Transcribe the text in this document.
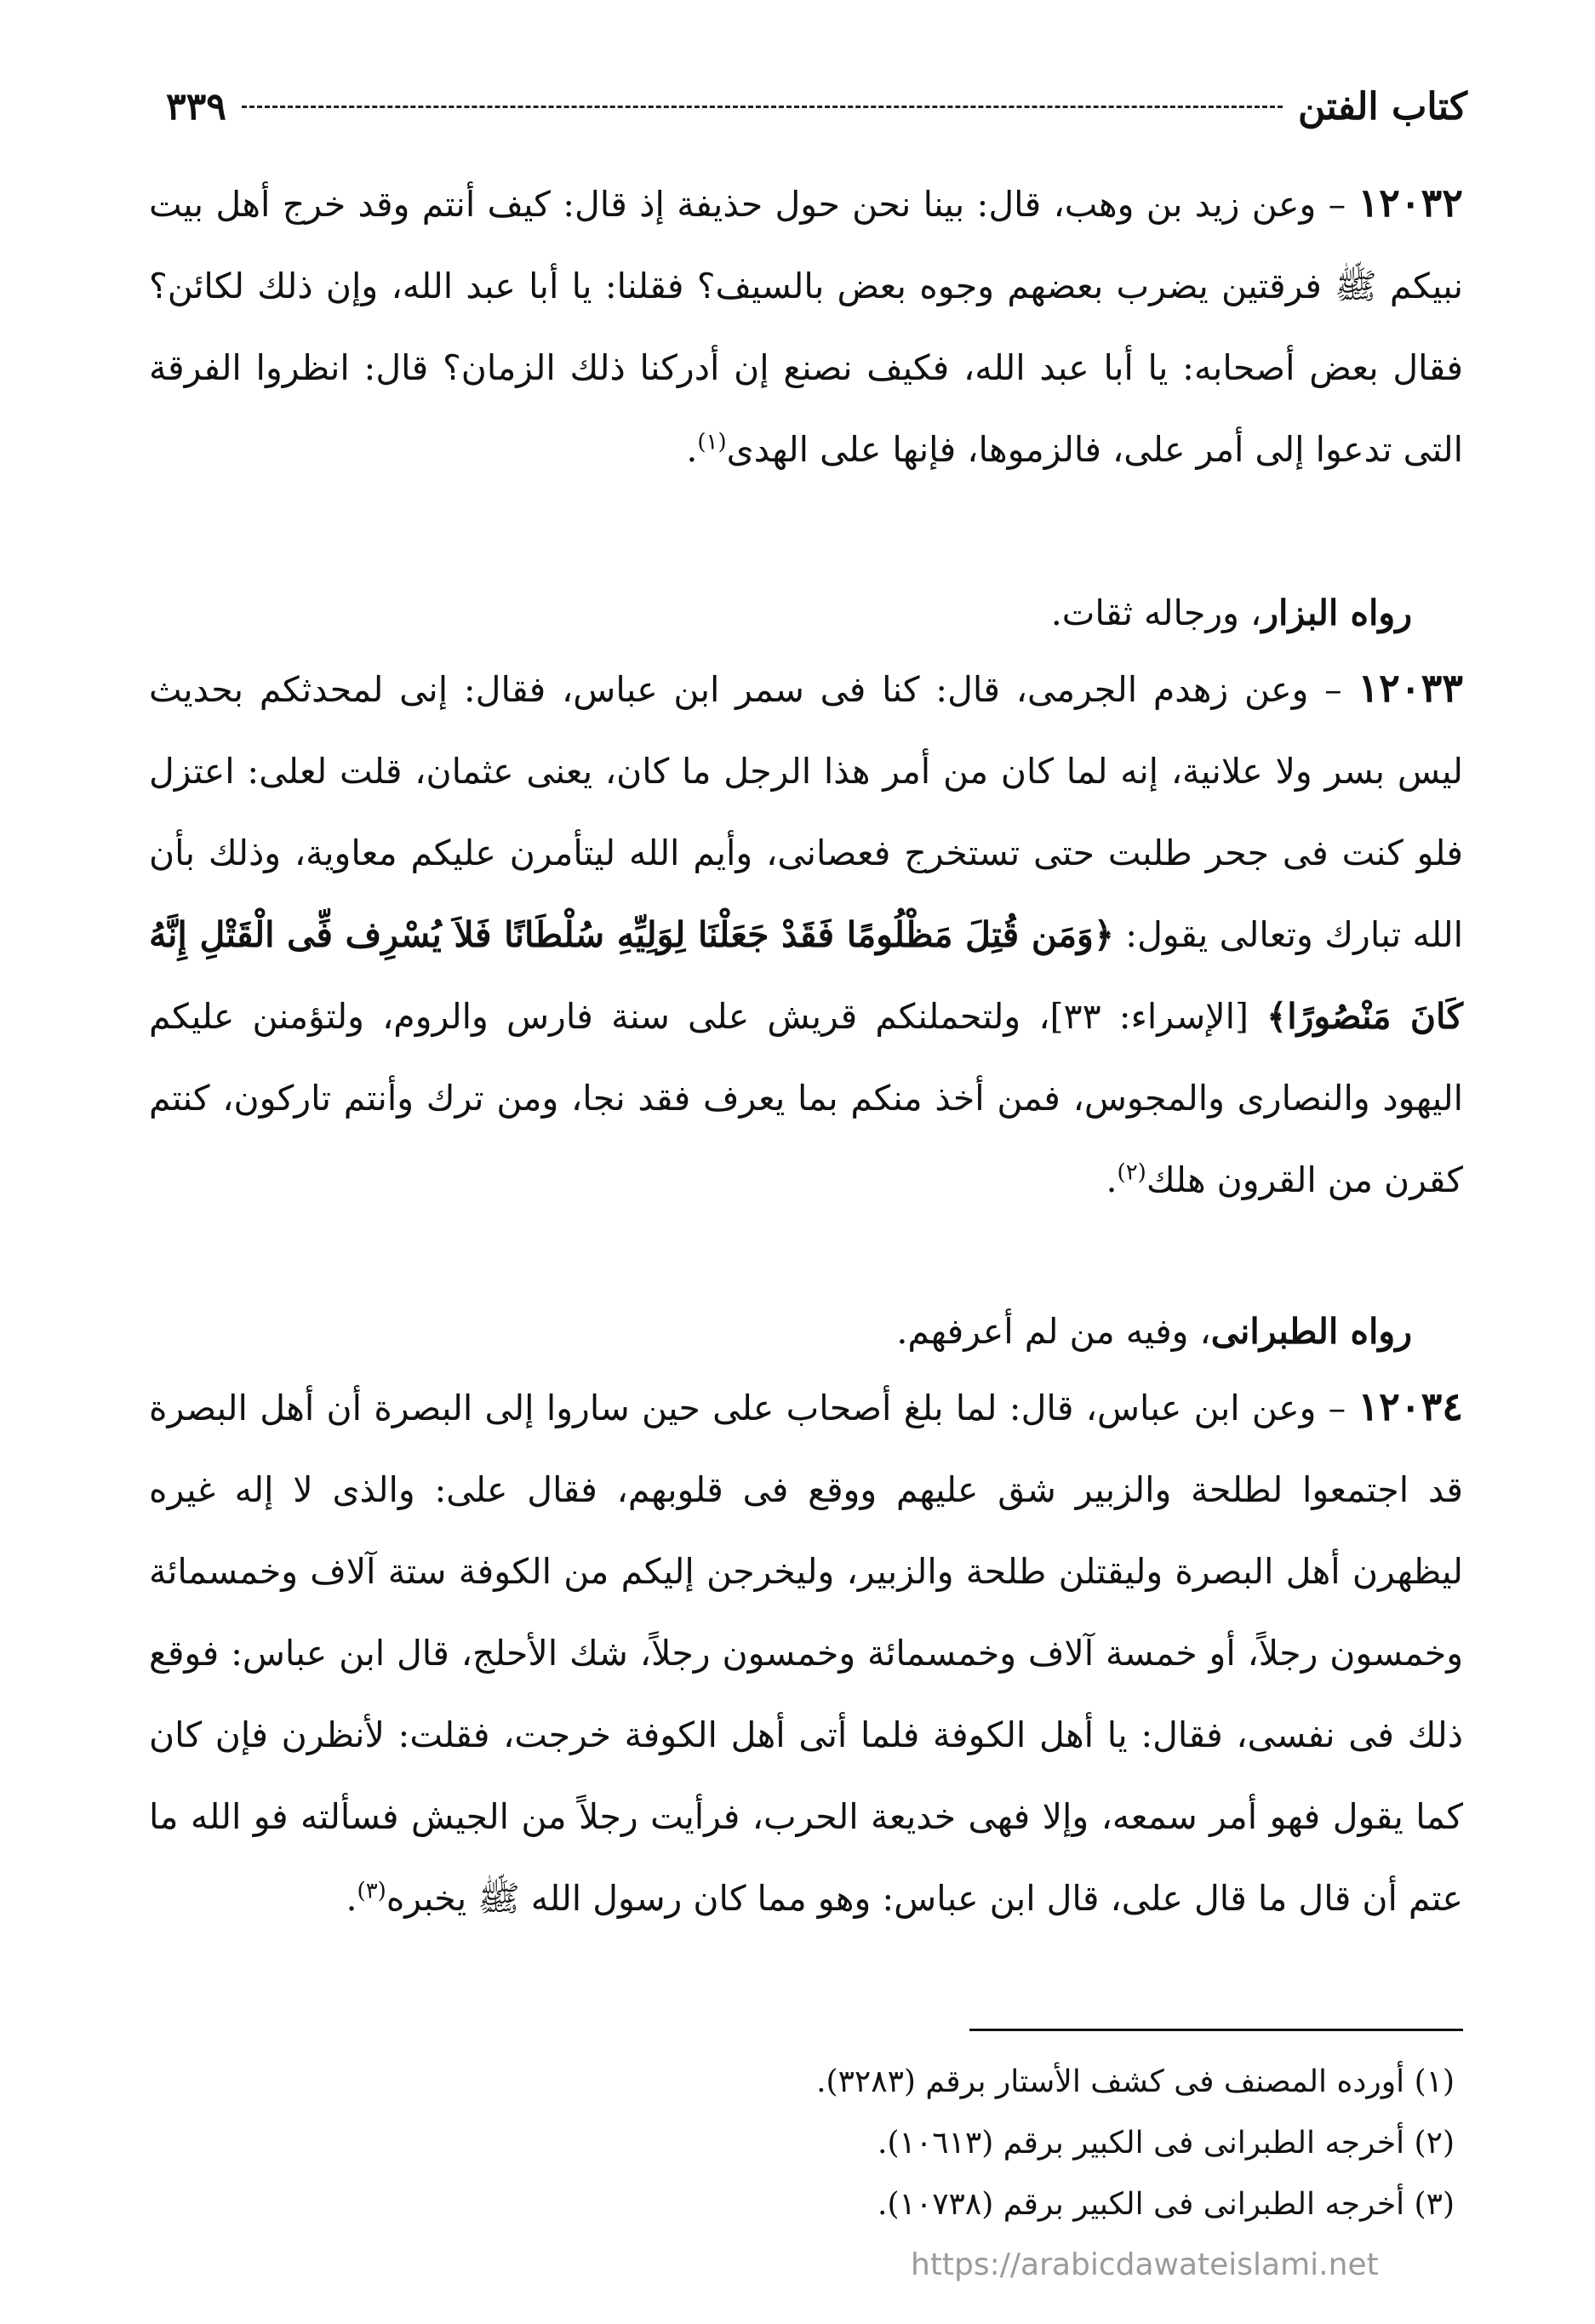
كتاب الفتن
٣٣٩

١٢٠٣٢ – وعن زيد بن وهب، قال: بينا نحن حول حذيفة إذ قال: كيف أنتم وقد خرج أهل بيت نبيكم ﷺ فرقتين يضرب بعضهم وجوه بعض بالسيف؟ فقلنا: يا أبا عبد الله، وإن ذلك لكائن؟ فقال بعض أصحابه: يا أبا عبد الله، فكيف نصنع إن أدركنا ذلك الزمان؟ قال: انظروا الفرقة التى تدعوا إلى أمر على، فالزموها، فإنها على الهدى$^{(١)}$.

رواه البزار، ورجاله ثقات.

١٢٠٣٣ – وعن زهدم الجرمى، قال: كنا فى سمر ابن عباس، فقال: إنى لمحدثكم بحديث ليس بسر ولا علانية، إنه لما كان من أمر هذا الرجل ما كان، يعنى عثمان، قلت لعلى: اعتزل فلو كنت فى جحر طلبت حتى تستخرج فعصانى، وأيم الله ليتأمرن عليكم معاوية، وذلك بأن الله تبارك وتعالى يقول: ﴿وَمَن قُتِلَ مَظْلُومًا فَقَدْ جَعَلْنَا لِوَلِيِّهِ سُلْطَانًا فَلاَ يُسْرِف فِّى الْقَتْلِ إِنَّهُ كَانَ مَنْصُورًا﴾ [الإسراء: ٣٣]، ولتحملنكم قريش على سنة فارس والروم، ولتؤمنن عليكم اليهود والنصارى والمجوس، فمن أخذ منكم بما يعرف فقد نجا، ومن ترك وأنتم تاركون، كنتم كقرن من القرون هلك$^{(٢)}$.

رواه الطبرانى، وفيه من لم أعرفهم.

١٢٠٣٤ – وعن ابن عباس، قال: لما بلغ أصحاب على حين ساروا إلى البصرة أن أهل البصرة قد اجتمعوا لطلحة والزبير شق عليهم ووقع فى قلوبهم، فقال على: والذى لا إله غيره ليظهرن أهل البصرة وليقتلن طلحة والزبير، وليخرجن إليكم من الكوفة ستة آلاف وخمسمائة وخمسون رجلاً، أو خمسة آلاف وخمسمائة وخمسون رجلاً، شك الأحلج، قال ابن عباس: فوقع ذلك فى نفسى، فقال: يا أهل الكوفة فلما أتى أهل الكوفة خرجت، فقلت: لأنظرن فإن كان كما يقول فهو أمر سمعه، وإلا فهى خديعة الحرب، فرأيت رجلاً من الجيش فسألته فو الله ما عتم أن قال ما قال على، قال ابن عباس: وهو مما كان رسول الله ﷺ يخبره$^{(٣)}$.

(١) أورده المصنف فى كشف الأستار برقم (٣٢٨٣).

(٢) أخرجه الطبرانى فى الكبير برقم (١٠٦١٣).

(٣) أخرجه الطبرانى فى الكبير برقم (١٠٧٣٨).

https://arabicdawateislami.net
